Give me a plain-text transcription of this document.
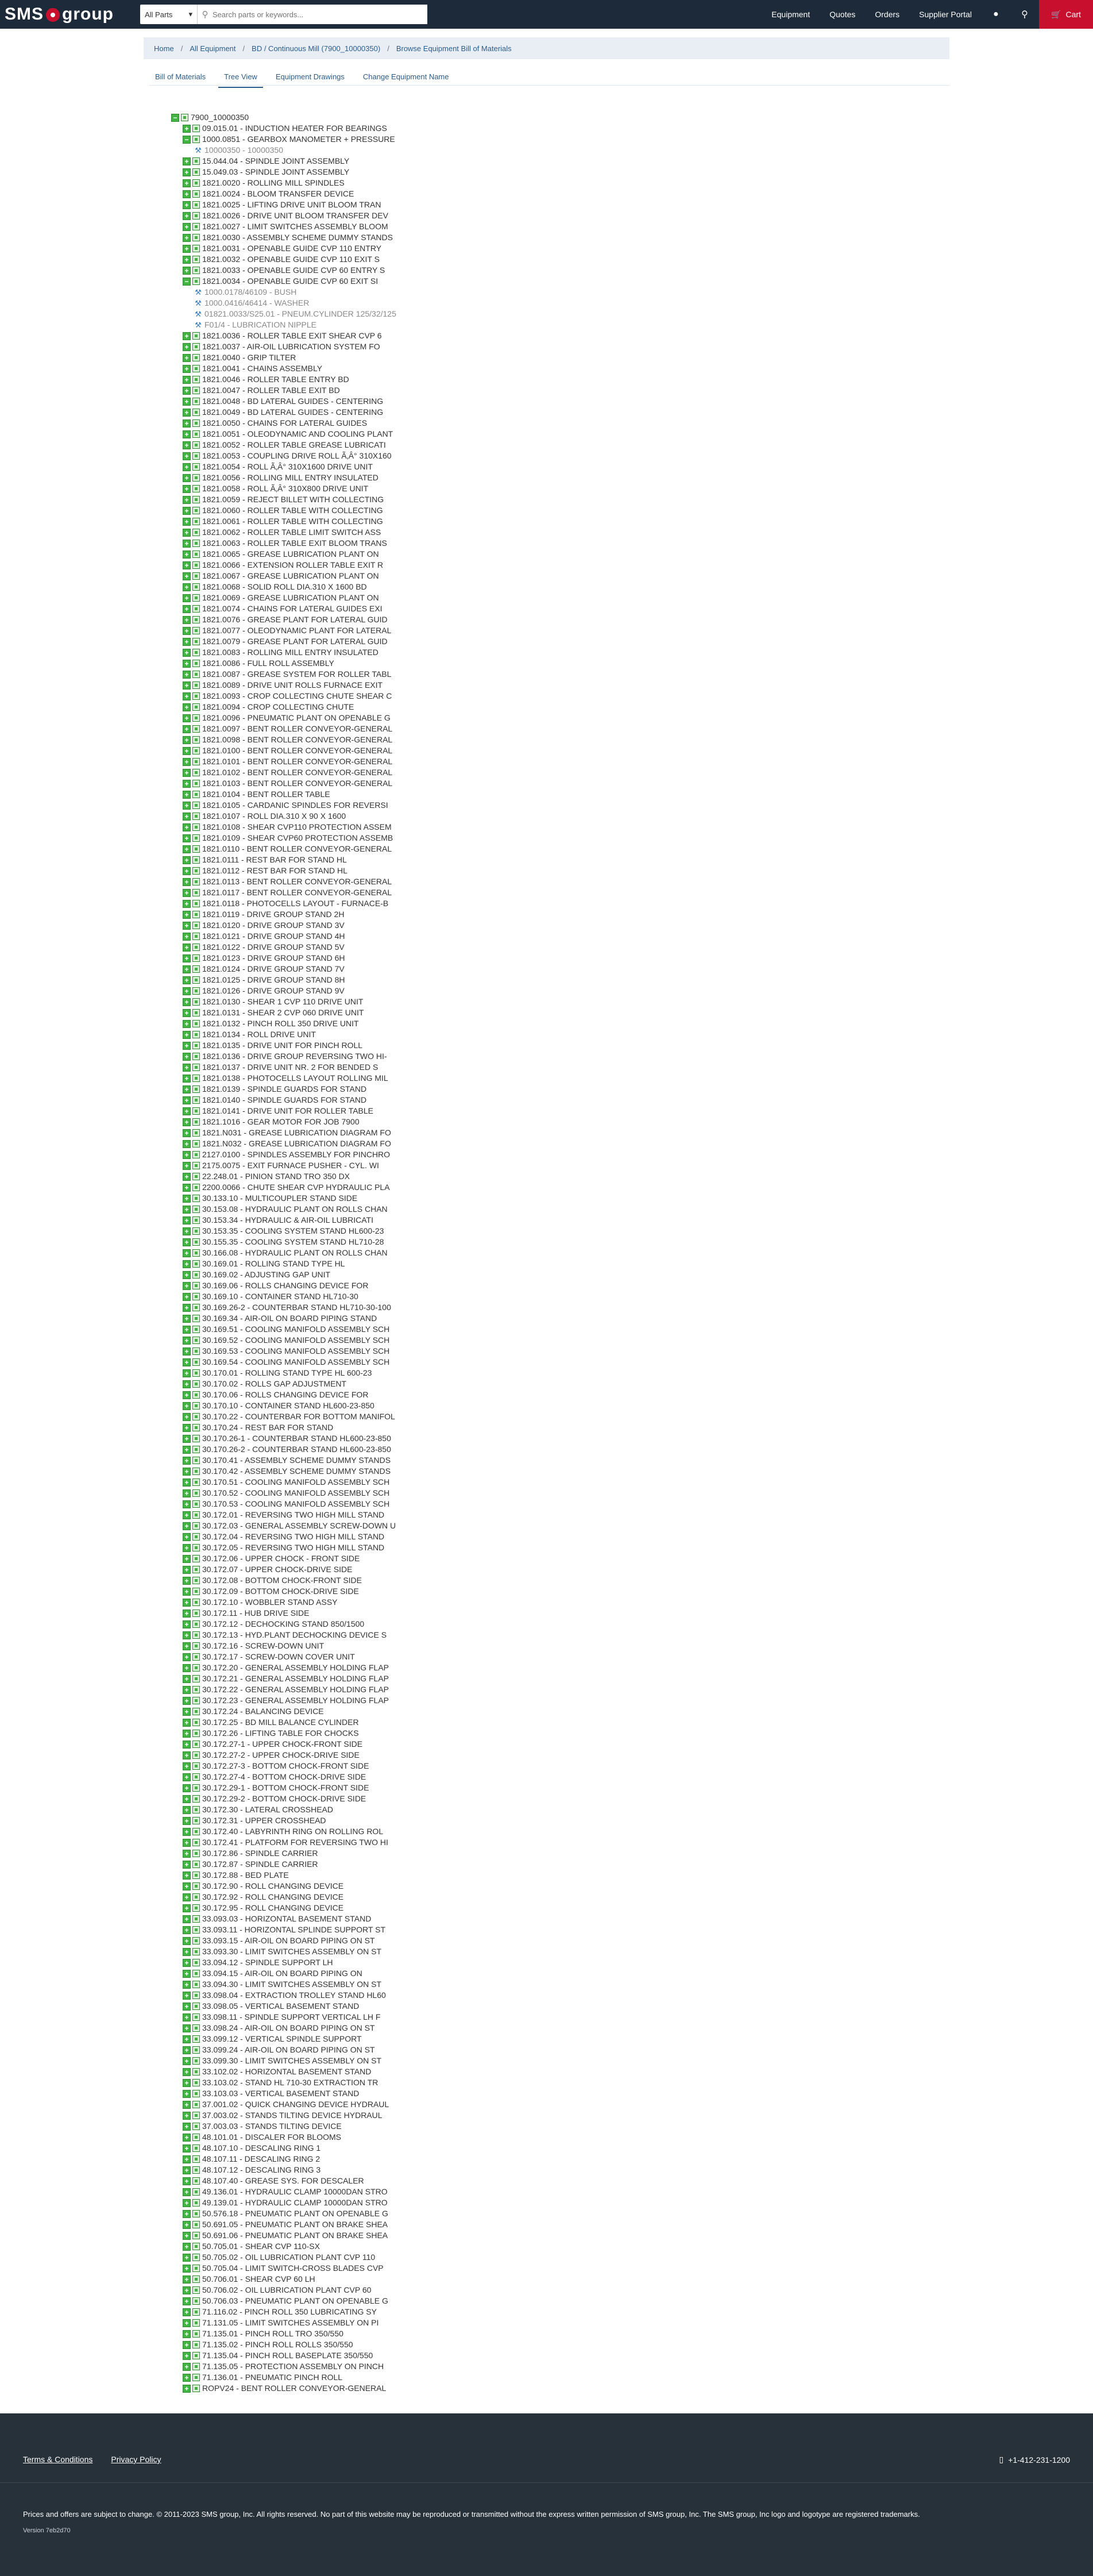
SMS group	All Parts ▾	⚲
Search parts or keywords...	Equipment	Quotes	Orders	Supplier Portal	●	⚲	🛒 Cart
Home / All Equipment / BD / Continuous Mill (7900_10000350) / Browse Equipment Bill of Materials
Bill of Materials	Tree View	Equipment Drawings	Change Equipment Name
− 7900_10000350
+ 09.015.01 - INDUCTION HEATER FOR BEARINGS
− 1000.0851 - GEARBOX MANOMETER + PRESSURE
⚒ 10000350 - 10000350
+ 15.044.04 - SPINDLE JOINT ASSEMBLY
+ 15.049.03 - SPINDLE JOINT ASSEMBLY
+ 1821.0020 - ROLLING MILL SPINDLES
+ 1821.0024 - BLOOM TRANSFER DEVICE
+ 1821.0025 - LIFTING DRIVE UNIT BLOOM TRAN
+ 1821.0026 - DRIVE UNIT BLOOM TRANSFER DEV
+ 1821.0027 - LIMIT SWITCHES ASSEMBLY BLOOM
+ 1821.0030 - ASSEMBLY SCHEME DUMMY STANDS
+ 1821.0031 - OPENABLE GUIDE CVP 110 ENTRY
+ 1821.0032 - OPENABLE GUIDE CVP 110 EXIT S
+ 1821.0033 - OPENABLE GUIDE CVP 60 ENTRY S
− 1821.0034 - OPENABLE GUIDE CVP 60 EXIT SI
⚒ 1000.0178/46109 - BUSH
⚒ 1000.0416/46414 - WASHER
⚒ 01821.0033/S25.01 - PNEUM.CYLINDER 125/32/125
⚒ F01/4 - LUBRICATION NIPPLE
+ 1821.0036 - ROLLER TABLE EXIT SHEAR CVP 6
+ 1821.0037 - AIR-OIL LUBRICATION SYSTEM FO
+ 1821.0040 - GRIP TILTER
+ 1821.0041 - CHAINS ASSEMBLY
+ 1821.0046 - ROLLER TABLE ENTRY BD
+ 1821.0047 - ROLLER TABLE EXIT BD
+ 1821.0048 - BD LATERAL GUIDES - CENTERING
+ 1821.0049 - BD LATERAL GUIDES - CENTERING
+ 1821.0050 - CHAINS FOR LATERAL GUIDES
+ 1821.0051 - OLEODYNAMIC AND COOLING PLANT
+ 1821.0052 - ROLLER TABLE GREASE LUBRICATI
+ 1821.0053 - COUPLING DRIVE ROLL Ã‚Â° 310X160
+ 1821.0054 - ROLL Ã‚Â° 310X1600 DRIVE UNIT
+ 1821.0056 - ROLLING MILL ENTRY INSULATED
+ 1821.0058 - ROLL Ã‚Â° 310X800 DRIVE UNIT
+ 1821.0059 - REJECT BILLET WITH COLLECTING
+ 1821.0060 - ROLLER TABLE WITH COLLECTING
+ 1821.0061 - ROLLER TABLE WITH COLLECTING
+ 1821.0062 - ROLLER TABLE LIMIT SWITCH ASS
+ 1821.0063 - ROLLER TABLE EXIT BLOOM TRANS
+ 1821.0065 - GREASE LUBRICATION PLANT ON
+ 1821.0066 - EXTENSION ROLLER TABLE EXIT R
+ 1821.0067 - GREASE LUBRICATION PLANT ON
+ 1821.0068 - SOLID ROLL DIA.310 X 1600 BD
+ 1821.0069 - GREASE LUBRICATION PLANT ON
+ 1821.0074 - CHAINS FOR LATERAL GUIDES EXI
+ 1821.0076 - GREASE PLANT FOR LATERAL GUID
+ 1821.0077 - OLEODYNAMIC PLANT FOR LATERAL
+ 1821.0079 - GREASE PLANT FOR LATERAL GUID
+ 1821.0083 - ROLLING MILL ENTRY INSULATED
+ 1821.0086 - FULL ROLL ASSEMBLY
+ 1821.0087 - GREASE SYSTEM FOR ROLLER TABL
+ 1821.0089 - DRIVE UNIT ROLLS FURNACE EXIT
+ 1821.0093 - CROP COLLECTING CHUTE SHEAR C
+ 1821.0094 - CROP COLLECTING CHUTE
+ 1821.0096 - PNEUMATIC PLANT ON OPENABLE G
+ 1821.0097 - BENT ROLLER CONVEYOR-GENERAL
+ 1821.0098 - BENT ROLLER CONVEYOR-GENERAL
+ 1821.0100 - BENT ROLLER CONVEYOR-GENERAL
+ 1821.0101 - BENT ROLLER CONVEYOR-GENERAL
+ 1821.0102 - BENT ROLLER CONVEYOR-GENERAL
+ 1821.0103 - BENT ROLLER CONVEYOR-GENERAL
+ 1821.0104 - BENT ROLLER TABLE
+ 1821.0105 - CARDANIC SPINDLES FOR REVERSI
+ 1821.0107 - ROLL DIA.310 X 90 X 1600
+ 1821.0108 - SHEAR CVP110 PROTECTION ASSEM
+ 1821.0109 - SHEAR CVP60 PROTECTION ASSEMB
+ 1821.0110 - BENT ROLLER CONVEYOR-GENERAL
+ 1821.0111 - REST BAR FOR STAND HL
+ 1821.0112 - REST BAR FOR STAND HL
+ 1821.0113 - BENT ROLLER CONVEYOR-GENERAL
+ 1821.0117 - BENT ROLLER CONVEYOR-GENERAL
+ 1821.0118 - PHOTOCELLS LAYOUT - FURNACE-B
+ 1821.0119 - DRIVE GROUP STAND 2H
+ 1821.0120 - DRIVE GROUP STAND 3V
+ 1821.0121 - DRIVE GROUP STAND 4H
+ 1821.0122 - DRIVE GROUP STAND 5V
+ 1821.0123 - DRIVE GROUP STAND 6H
+ 1821.0124 - DRIVE GROUP STAND 7V
+ 1821.0125 - DRIVE GROUP STAND 8H
+ 1821.0126 - DRIVE GROUP STAND 9V
+ 1821.0130 - SHEAR 1 CVP 110 DRIVE UNIT
+ 1821.0131 - SHEAR 2 CVP 060 DRIVE UNIT
+ 1821.0132 - PINCH ROLL 350 DRIVE UNIT
+ 1821.0134 - ROLL DRIVE UNIT
+ 1821.0135 - DRIVE UNIT FOR PINCH ROLL
+ 1821.0136 - DRIVE GROUP REVERSING TWO HI-
+ 1821.0137 - DRIVE UNIT NR. 2 FOR BENDED S
+ 1821.0138 - PHOTOCELLS LAYOUT ROLLING MIL
+ 1821.0139 - SPINDLE GUARDS FOR STAND
+ 1821.0140 - SPINDLE GUARDS FOR STAND
+ 1821.0141 - DRIVE UNIT FOR ROLLER TABLE
+ 1821.1016 - GEAR MOTOR FOR JOB 7900
+ 1821.N031 - GREASE LUBRICATION DIAGRAM FO
+ 1821.N032 - GREASE LUBRICATION DIAGRAM FO
+ 2127.0100 - SPINDLES ASSEMBLY FOR PINCHRO
+ 2175.0075 - EXIT FURNACE PUSHER - CYL. WI
+ 22.248.01 - PINION STAND TRO 350 DX
+ 2200.0066 - CHUTE SHEAR CVP HYDRAULIC PLA
+ 30.133.10 - MULTICOUPLER STAND SIDE
+ 30.153.08 - HYDRAULIC PLANT ON ROLLS CHAN
+ 30.153.34 - HYDRAULIC & AIR-OIL LUBRICATI
+ 30.153.35 - COOLING SYSTEM STAND HL600-23
+ 30.155.35 - COOLING SYSTEM STAND HL710-28
+ 30.166.08 - HYDRAULIC PLANT ON ROLLS CHAN
+ 30.169.01 - ROLLING STAND TYPE HL
+ 30.169.02 - ADJUSTING GAP UNIT
+ 30.169.06 - ROLLS CHANGING DEVICE FOR
+ 30.169.10 - CONTAINER STAND HL710-30
+ 30.169.26-2 - COUNTERBAR STAND HL710-30-100
+ 30.169.34 - AIR-OIL ON BOARD PIPING STAND
+ 30.169.51 - COOLING MANIFOLD ASSEMBLY SCH
+ 30.169.52 - COOLING MANIFOLD ASSEMBLY SCH
+ 30.169.53 - COOLING MANIFOLD ASSEMBLY SCH
+ 30.169.54 - COOLING MANIFOLD ASSEMBLY SCH
+ 30.170.01 - ROLLING STAND TYPE HL 600-23
+ 30.170.02 - ROLLS GAP ADJUSTMENT
+ 30.170.06 - ROLLS CHANGING DEVICE FOR
+ 30.170.10 - CONTAINER STAND HL600-23-850
+ 30.170.22 - COUNTERBAR FOR BOTTOM MANIFOL
+ 30.170.24 - REST BAR FOR STAND
+ 30.170.26-1 - COUNTERBAR STAND HL600-23-850
+ 30.170.26-2 - COUNTERBAR STAND HL600-23-850
+ 30.170.41 - ASSEMBLY SCHEME DUMMY STANDS
+ 30.170.42 - ASSEMBLY SCHEME DUMMY STANDS
+ 30.170.51 - COOLING MANIFOLD ASSEMBLY SCH
+ 30.170.52 - COOLING MANIFOLD ASSEMBLY SCH
+ 30.170.53 - COOLING MANIFOLD ASSEMBLY SCH
+ 30.172.01 - REVERSING TWO HIGH MILL STAND
+ 30.172.03 - GENERAL ASSEMBLY SCREW-DOWN U
+ 30.172.04 - REVERSING TWO HIGH MILL STAND
+ 30.172.05 - REVERSING TWO HIGH MILL STAND
+ 30.172.06 - UPPER CHOCK - FRONT SIDE
+ 30.172.07 - UPPER CHOCK-DRIVE SIDE
+ 30.172.08 - BOTTOM CHOCK-FRONT SIDE
+ 30.172.09 - BOTTOM CHOCK-DRIVE SIDE
+ 30.172.10 - WOBBLER STAND ASSY
+ 30.172.11 - HUB DRIVE SIDE
+ 30.172.12 - DECHOCKING STAND 850/1500
+ 30.172.13 - HYD.PLANT DECHOCKING DEVICE S
+ 30.172.16 - SCREW-DOWN UNIT
+ 30.172.17 - SCREW-DOWN COVER UNIT
+ 30.172.20 - GENERAL ASSEMBLY HOLDING FLAP
+ 30.172.21 - GENERAL ASSEMBLY HOLDING FLAP
+ 30.172.22 - GENERAL ASSEMBLY HOLDING FLAP
+ 30.172.23 - GENERAL ASSEMBLY HOLDING FLAP
+ 30.172.24 - BALANCING DEVICE
+ 30.172.25 - BD MILL BALANCE CYLINDER
+ 30.172.26 - LIFTING TABLE FOR CHOCKS
+ 30.172.27-1 - UPPER CHOCK-FRONT SIDE
+ 30.172.27-2 - UPPER CHOCK-DRIVE SIDE
+ 30.172.27-3 - BOTTOM CHOCK-FRONT SIDE
+ 30.172.27-4 - BOTTOM CHOCK-DRIVE SIDE
+ 30.172.29-1 - BOTTOM CHOCK-FRONT SIDE
+ 30.172.29-2 - BOTTOM CHOCK-DRIVE SIDE
+ 30.172.30 - LATERAL CROSSHEAD
+ 30.172.31 - UPPER CROSSHEAD
+ 30.172.40 - LABYRINTH RING ON ROLLING ROL
+ 30.172.41 - PLATFORM FOR REVERSING TWO HI
+ 30.172.86 - SPINDLE CARRIER
+ 30.172.87 - SPINDLE CARRIER
+ 30.172.88 - BED PLATE
+ 30.172.90 - ROLL CHANGING DEVICE
+ 30.172.92 - ROLL CHANGING DEVICE
+ 30.172.95 - ROLL CHANGING DEVICE
+ 33.093.03 - HORIZONTAL BASEMENT STAND
+ 33.093.11 - HORIZONTAL SPLINDE SUPPORT ST
+ 33.093.15 - AIR-OIL ON BOARD PIPING ON ST
+ 33.093.30 - LIMIT SWITCHES ASSEMBLY ON ST
+ 33.094.12 - SPINDLE SUPPORT LH
+ 33.094.15 - AIR-OIL ON BOARD PIPING ON
+ 33.094.30 - LIMIT SWITCHES ASSEMBLY ON ST
+ 33.098.04 - EXTRACTION TROLLEY STAND HL60
+ 33.098.05 - VERTICAL BASEMENT STAND
+ 33.098.11 - SPINDLE SUPPORT VERTICAL LH F
+ 33.098.24 - AIR-OIL ON BOARD PIPING ON ST
+ 33.099.12 - VERTICAL SPINDLE SUPPORT
+ 33.099.24 - AIR-OIL ON BOARD PIPING ON ST
+ 33.099.30 - LIMIT SWITCHES ASSEMBLY ON ST
+ 33.102.02 - HORIZONTAL BASEMENT STAND
+ 33.103.02 - STAND HL 710-30 EXTRACTION TR
+ 33.103.03 - VERTICAL BASEMENT STAND
+ 37.001.02 - QUICK CHANGING DEVICE HYDRAUL
+ 37.003.02 - STANDS TILTING DEVICE HYDRAUL
+ 37.003.03 - STANDS TILTING DEVICE
+ 48.101.01 - DISCALER FOR BLOOMS
+ 48.107.10 - DESCALING RING 1
+ 48.107.11 - DESCALING RING 2
+ 48.107.12 - DESCALING RING 3
+ 48.107.40 - GREASE SYS. FOR DESCALER
+ 49.136.01 - HYDRAULIC CLAMP 10000DAN STRO
+ 49.139.01 - HYDRAULIC CLAMP 10000DAN STRO
+ 50.576.18 - PNEUMATIC PLANT ON OPENABLE G
+ 50.691.05 - PNEUMATIC PLANT ON BRAKE SHEA
+ 50.691.06 - PNEUMATIC PLANT ON BRAKE SHEA
+ 50.705.01 - SHEAR CVP 110-SX
+ 50.705.02 - OIL LUBRICATION PLANT CVP 110
+ 50.705.04 - LIMIT SWITCH-CROSS BLADES CVP
+ 50.706.01 - SHEAR CVP 60 LH
+ 50.706.02 - OIL LUBRICATION PLANT CVP 60
+ 50.706.03 - PNEUMATIC PLANT ON OPENABLE G
+ 71.116.02 - PINCH ROLL 350 LUBRICATING SY
+ 71.131.05 - LIMIT SWITCHES ASSEMBLY ON PI
+ 71.135.01 - PINCH ROLL TRO 350/550
+ 71.135.02 - PINCH ROLL ROLLS 350/550
+ 71.135.04 - PINCH ROLL BASEPLATE 350/550
+ 71.135.05 - PROTECTION ASSEMBLY ON PINCH
+ 71.136.01 - PNEUMATIC PINCH ROLL
+ ROPV24 - BENT ROLLER CONVEYOR-GENERAL
Terms & Conditions Privacy Policy	▯ +1-412-231-1200
Prices and offers are subject to change. © 2011-2023 SMS group, Inc. All rights reserved. No part of this website may be reproduced or transmitted without the express written permission of SMS group, Inc. The SMS group, Inc logo and logotype are registered trademarks.
Version 7eb2d70
